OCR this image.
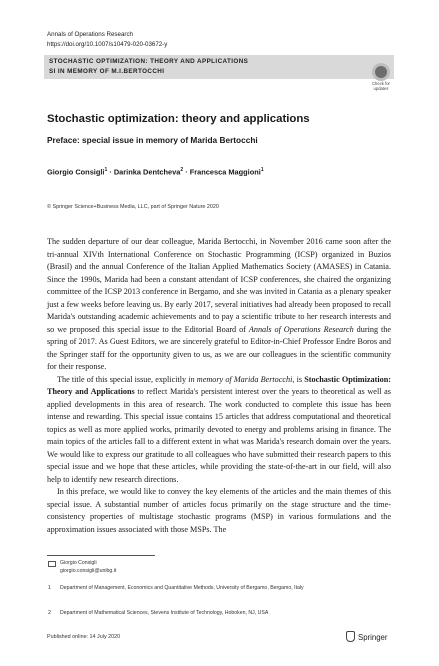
Annals of Operations Research
https://doi.org/10.1007/s10479-020-03672-y
STOCHASTIC OPTIMIZATION: THEORY AND APPLICATIONS
SI IN MEMORY OF M.I.BERTOCCHI
Check for updates
Stochastic optimization: theory and applications
Preface: special issue in memory of Marida Bertocchi
Giorgio Consigli$^1$ · Darinka Dentcheva$^2$ · Francesca Maggioni$^1$
© Springer Science+Business Media, LLC, part of Springer Nature 2020

The sudden departure of our dear colleague, Marida Bertocchi, in November 2016 came soon after the tri-annual XIVth International Conference on Stochastic Programming (ICSP) organized in Buzios (Brasil) and the annual Conference of the Italian Applied Mathematics Society (AMASES) in Catania. Since the 1990s, Marida had been a constant attendant of ICSP conferences, she chaired the organizing committee of the ICSP 2013 conference in Bergamo, and she was invited in Catania as a plenary speaker just a few weeks before leaving us. By early 2017, several initiatives had already been proposed to recall Marida's outstanding academic achievements and to pay a scientific tribute to her research interests and so we proposed this special issue to the Editorial Board of Annals of Operations Research during the spring of 2017. As Guest Editors, we are sincerely grateful to Editor-in-Chief Professor Endre Boros and the Springer staff for the opportunity given to us, as we are our colleagues in the scientific community for their response.

The title of this special issue, explicitly in memory of Marida Bertocchi, is Stochastic Optimization: Theory and Applications to reflect Marida's persistent interest over the years to theoretical as well as applied developments in this area of research. The work conducted to complete this issue has been intense and rewarding. This special issue contains 15 articles that address computational and theoretical topics as well as more applied works, primarily devoted to energy and problems arising in finance. The main topics of the articles fall to a different extent in what was Marida's research domain over the years. We would like to express our gratitude to all colleagues who have submitted their research papers to this special issue and we hope that these articles, while providing the state-of-the-art in our field, will also help to identify new research directions.

In this preface, we would like to convey the key elements of the articles and the main themes of this special issue. A substantial number of articles focus primarily on the stage structure and the time-consistency properties of multistage stochastic programs (MSP) in various formulations and the approximation issues associated with those MSPs. The

Giorgio Consigli
giorgio.consigli@unibg.it
1 Department of Management, Economics and Quantitative Methods, University of Bergamo, Bergamo, Italy
2 Department of Mathematical Sciences, Stevens Institute of Technology, Hoboken, NJ, USA
Published online: 14 July 2020	Springer
